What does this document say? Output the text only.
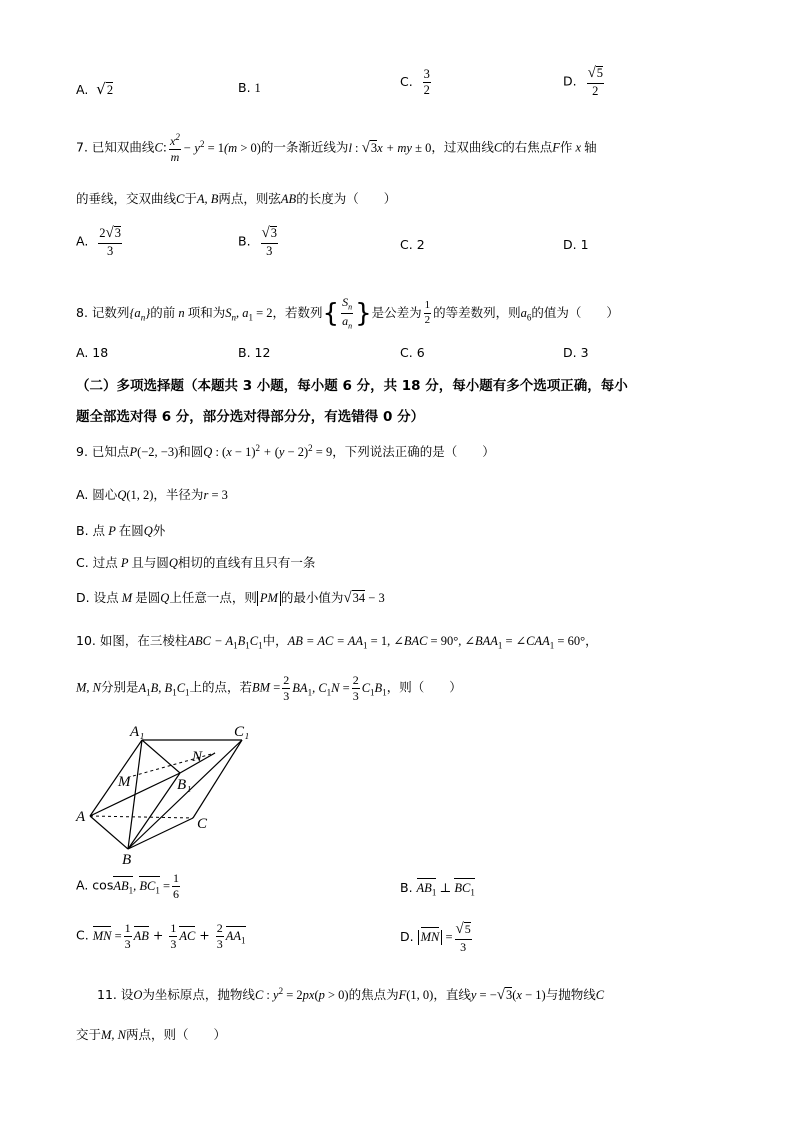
A. √2	B. 1	C. $\frac{3}{2}$	D. $\frac{√5}{2}$
7. 已知双曲线C: $\frac{x^2}{m} - y^2 = 1(m > 0)$的一条渐近线为l : √3x + my ± 0，过双曲线C的右焦点F作 x 轴
的垂线，交双曲线C于A, B两点，则弦AB的长度为（　　）
A. $\frac{2√3}{3}$	B. $\frac{√3}{3}$	C. 2	D. 1
8. 记数列$\{a_n\}$的前 n 项和为$S_n$, $a_1 = 2$，若数列{ $\frac{S_n}{a_n}$ }是公差为 $\frac{1}{2}$ 的等差数列，则$a_6$的值为（　　）
A. 18	B. 12	C. 6	D. 3
（二）多项选择题（本题共 3 小题，每小题 6 分，共 18 分，每小题有多个选项正确，每小
题全部选对得 6 分，部分选对得部分分，有选错得 0 分）
9. 已知点P(−2, −3)和圆Q : $(x - 1)^2 + (y - 2)^2 = 9$，下列说法正确的是（　　）
A. 圆心Q(1, 2)，半径为r = 3
B. 点 P 在圆Q外
C. 过点 P 且与圆Q相切的直线有且只有一条
D. 设点 M 是圆Q上任意一点，则 PM 的最小值为√34 − 3
10. 如图，在三棱柱ABC − $A_1B_1C_1$中，AB = AC = $AA_1 = 1$, ∠BAC = 90°, $\angle BAA_1$ = $\angle CAA_1 = 60^\circ$，
M, N分别是$A_1B$, $B_1C_1$上的点，若BM = $\frac{2}{3} BA_1$, $C_1N = \frac{2}{3} C_1B_1$，则（　　）
A₁	C₁
N
M	B₁
A	C
B
A. cosAB$_1$, $BC_1 = \frac{1}{6}$	B. $AB_1$ ⊥ $BC_1$
C. MN = $\frac{1}{3}$ AB + $\frac{1}{3}$ AC + $\frac{2}{3} AA_1$	D. MN = $\frac{√5}{3}$
11. 设O为坐标原点，抛物线C : $y^2 = 2px(p > 0)$的焦点为F(1, 0)，直线y = −√3(x − 1)与抛物线C
交于M, N两点，则（　　）
